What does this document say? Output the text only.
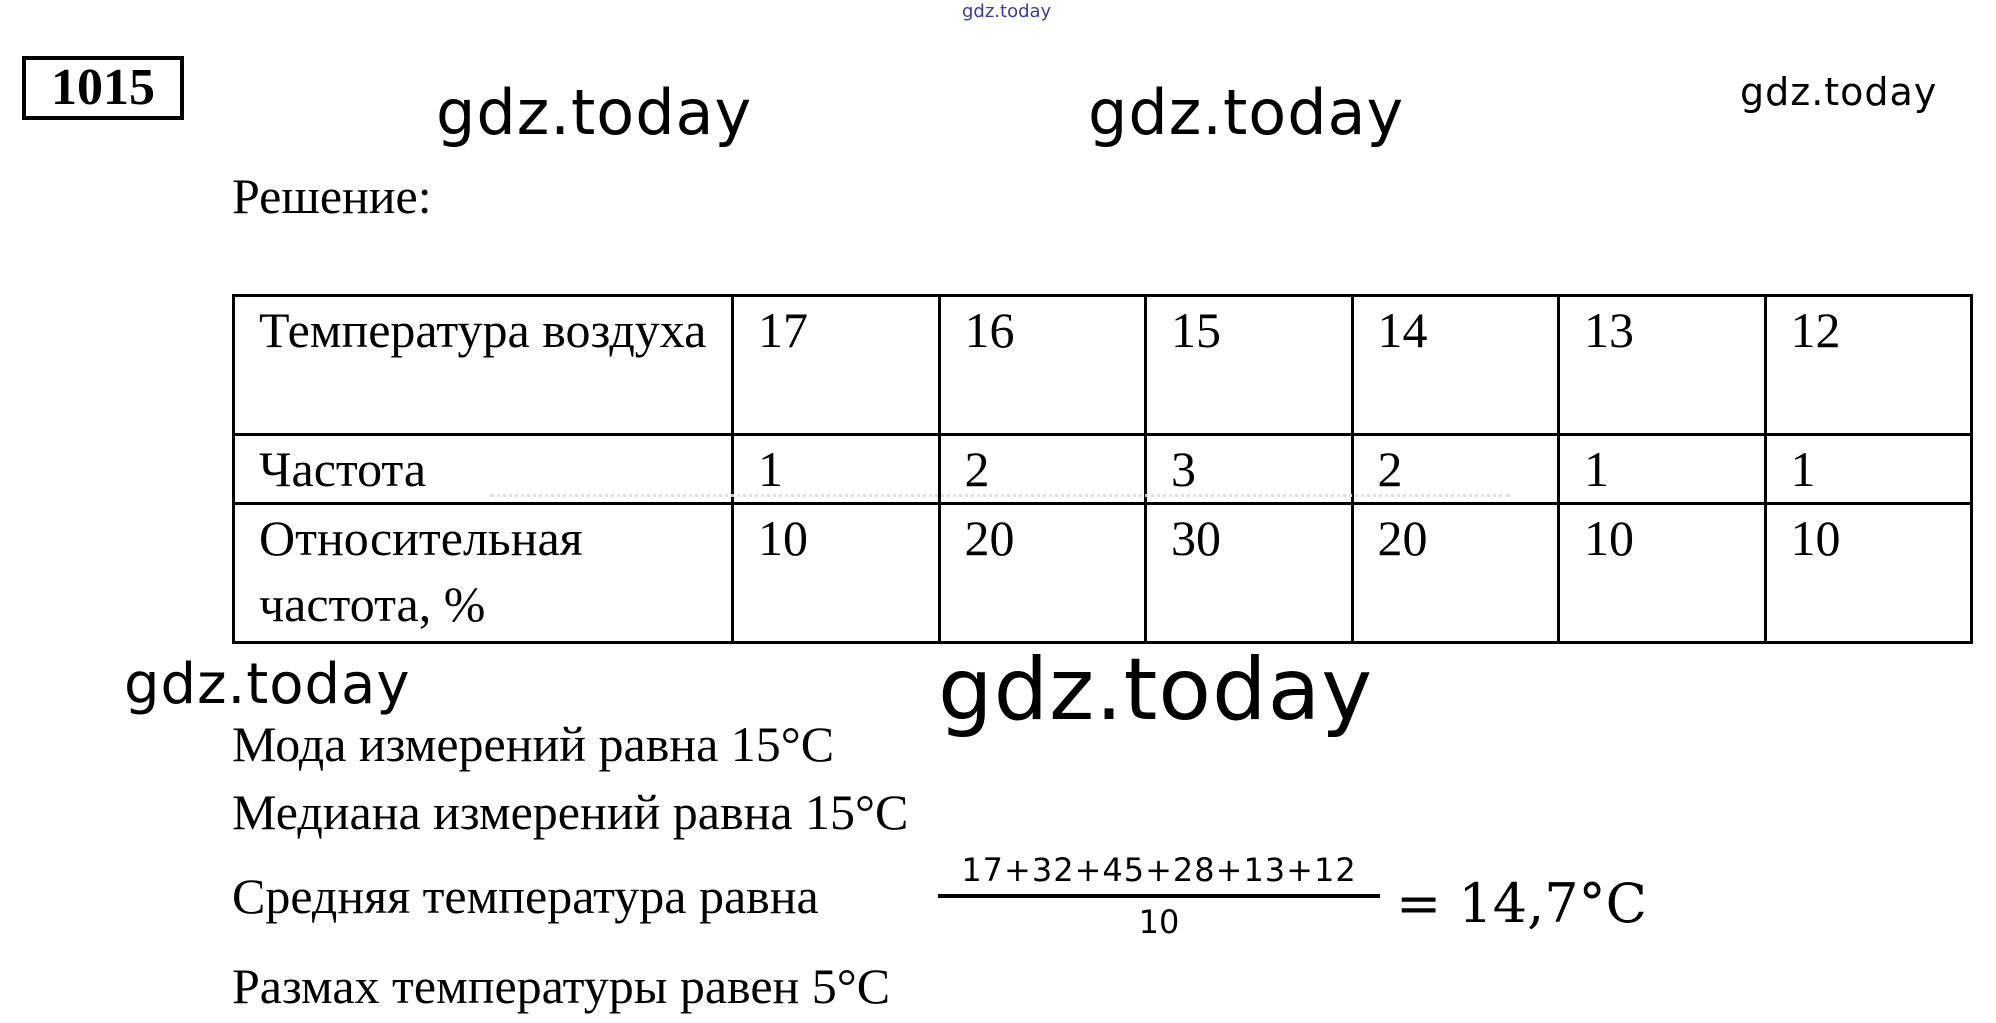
1015
gdz.today
gdz.today	gdz.today	gdz.today
gdz.today	gdz.today
Решение:
Температура воздуха	17	16	15	14	13	12
Частота	1	2	3	2	1	1
Относительная частота, %	10	20	30	20	10	10
Мода измерений равна 15°C
Медиана измерений равна 15°C
Средняя температура равна	17+32+45+28+13+12
10	= 14,7°C
Размах температуры равен 5°C
